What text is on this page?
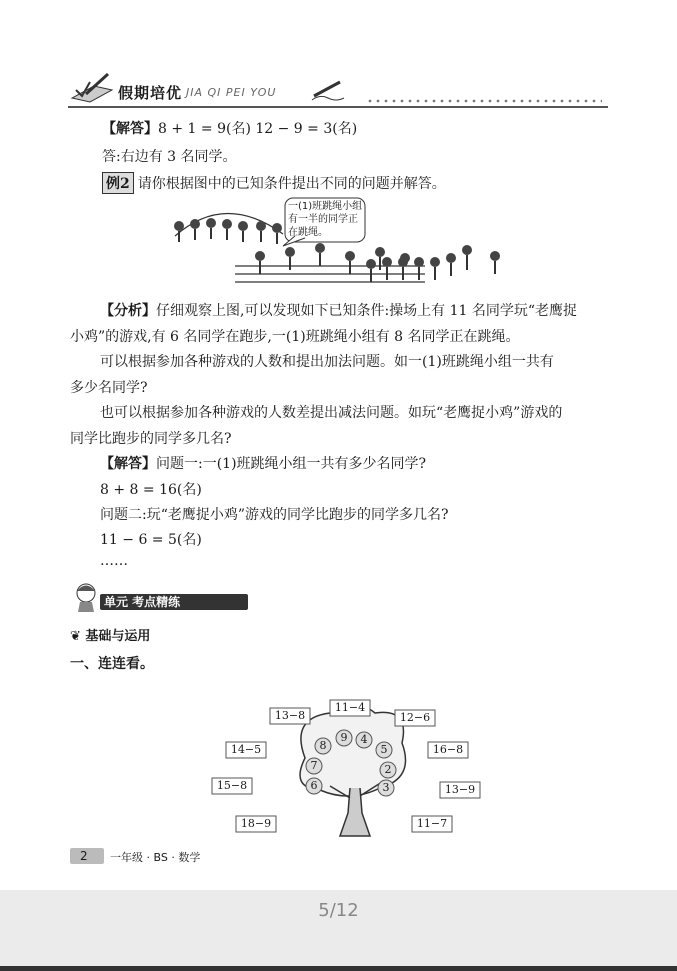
假期培优 JIA QI PEI YOU
【解答】8 + 1 = 9(名) 12 − 9 = 3(名)
答:右边有 3 名同学。
例2 请你根据图中的已知条件提出不同的问题并解答。
一(1)班跳绳小组有一半的同学正在跳绳。
【分析】仔细观察上图,可以发现如下已知条件:操场上有 11 名同学玩“老鹰捉
小鸡”的游戏,有 6 名同学在跑步,一(1)班跳绳小组有 8 名同学正在跳绳。
可以根据参加各种游戏的人数和提出加法问题。如一(1)班跳绳小组一共有
多少名同学?
也可以根据参加各种游戏的人数差提出减法问题。如玩“老鹰捉小鸡”游戏的
同学比跑步的同学多几名?
【解答】问题一:一(1)班跳绳小组一共有多少名同学?
8 + 8 = 16(名)
问题二:玩“老鹰捉小鸡”游戏的同学比跑步的同学多几名?
11 − 6 = 5(名)
……
单元 考点精练
❦ 基础与运用
一、连连看。
13−8
11−4
12−6
14−5	16−8
15−8	13−9
18−9	11−7
8
9	4
5
7	2
6	3
2	一年级 · BS · 数学
5/12
